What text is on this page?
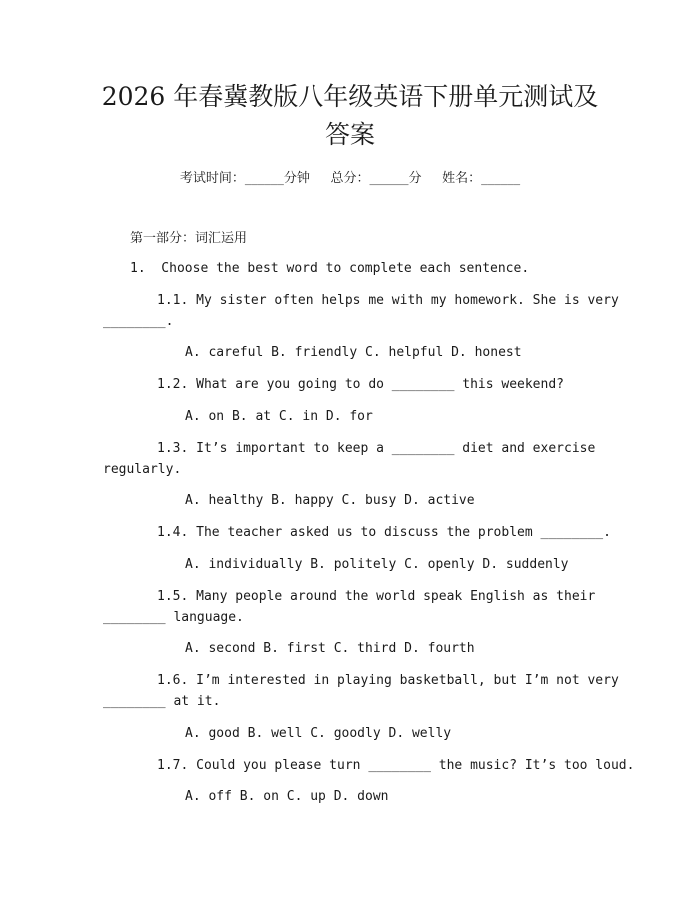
2026 年春冀教版八年级英语下册单元测试及
答案
考试时间：______分钟     总分：______分     姓名：______
第一部分：词汇运用
1.  Choose the best word to complete each sentence.
1.1. My sister often helps me with my homework. She is very
________.
A. careful B. friendly C. helpful D. honest
1.2. What are you going to do ________ this weekend?
A. on B. at C. in D. for
1.3. It’s important to keep a ________ diet and exercise
regularly.
A. healthy B. happy C. busy D. active
1.4. The teacher asked us to discuss the problem ________.
A. individually B. politely C. openly D. suddenly
1.5. Many people around the world speak English as their
________ language.
A. second B. first C. third D. fourth
1.6. I’m interested in playing basketball, but I’m not very
________ at it.
A. good B. well C. goodly D. welly
1.7. Could you please turn ________ the music? It’s too loud.
A. off B. on C. up D. down
